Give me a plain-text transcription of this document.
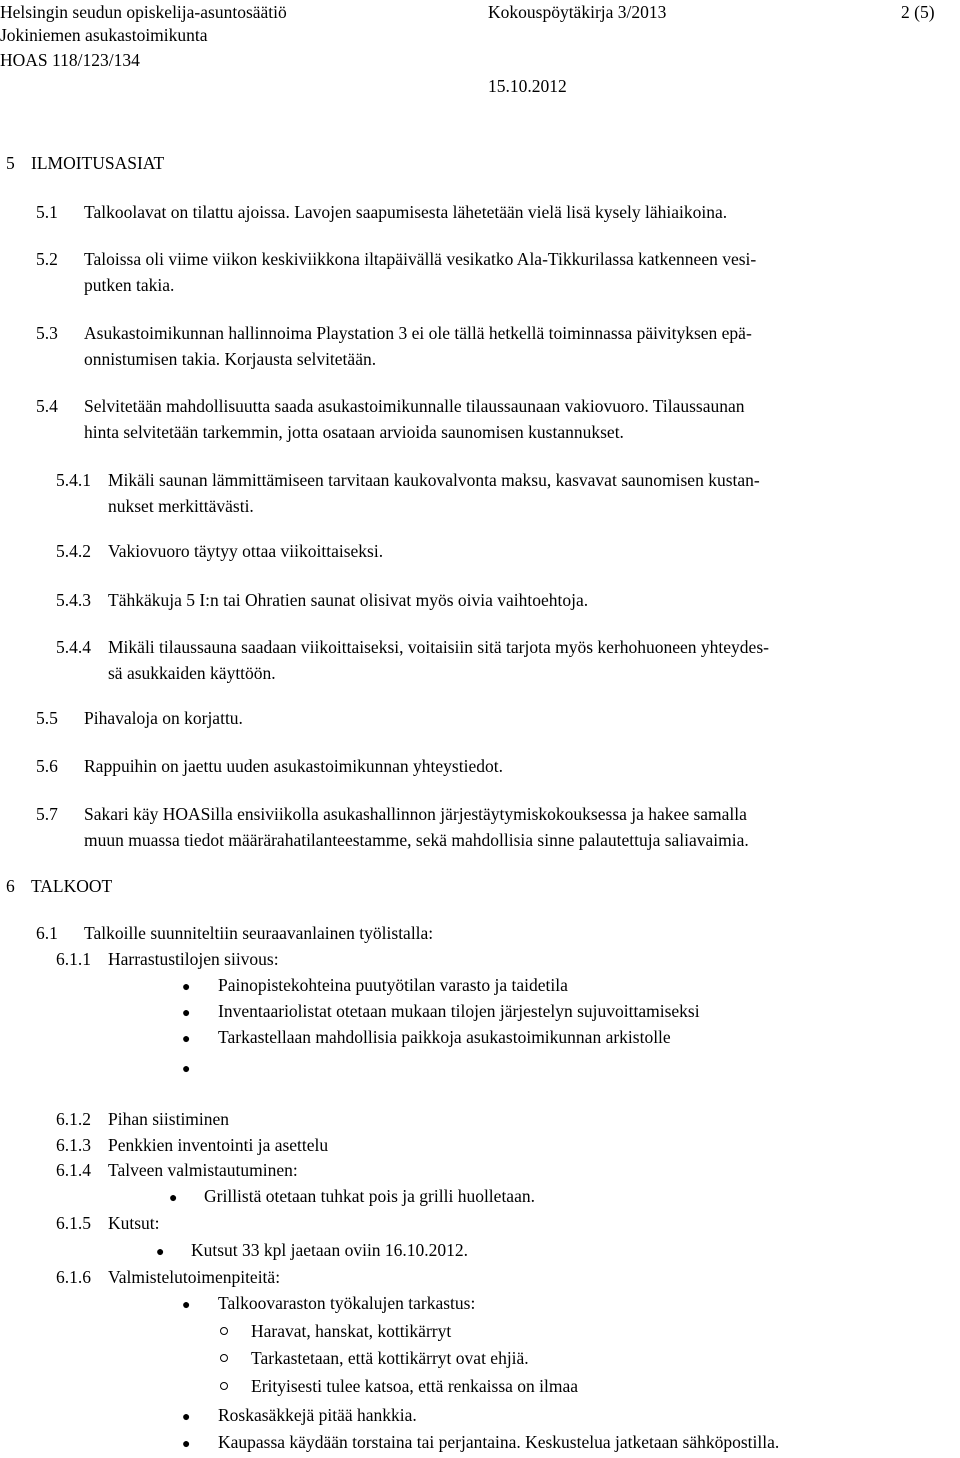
Helsingin seudun opiskelija-asuntosäätiö	Kokouspöytäkirja 3/2013	2 (5)
Jokiniemen asukastoimikunta
HOAS 118/123/134
15.10.2012
5 ILMOITUSASIAT
5.1 Talkoolavat on tilattu ajoissa. Lavojen saapumisesta lähetetään vielä lisä kysely lähiaikoina.
5.2 Taloissa oli viime viikon keskiviikkona iltapäivällä vesikatko Ala-Tikkurilassa katkenneen vesi-
putken takia.
5.3 Asukastoimikunnan hallinnoima Playstation 3 ei ole tällä hetkellä toiminnassa päivityksen epä-
onnistumisen takia. Korjausta selvitetään.
5.4 Selvitetään mahdollisuutta saada asukastoimikunnalle tilaussaunaan vakiovuoro. Tilaussaunan
hinta selvitetään tarkemmin, jotta osataan arvioida saunomisen kustannukset.
5.4.1 Mikäli saunan lämmittämiseen tarvitaan kaukovalvonta maksu, kasvavat saunomisen kustan-
nukset merkittävästi.
5.4.2 Vakiovuoro täytyy ottaa viikoittaiseksi.
5.4.3 Tähkäkuja 5 I:n tai Ohratien saunat olisivat myös oivia vaihtoehtoja.
5.4.4 Mikäli tilaussauna saadaan viikoittaiseksi, voitaisiin sitä tarjota myös kerhohuoneen yhteydes-
sä asukkaiden käyttöön.
5.5 Pihavaloja on korjattu.
5.6 Rappuihin on jaettu uuden asukastoimikunnan yhteystiedot.
5.7 Sakari käy HOASilla ensiviikolla asukashallinnon järjestäytymiskokouksessa ja hakee samalla
muun muassa tiedot määrärahatilanteestamme, sekä mahdollisia sinne palautettuja saliavaimia.
6 TALKOOT
6.1 Talkoille suunniteltiin seuraavanlainen työlistalla:
6.1.1 Harrastustilojen siivous:
● Painopistekohteina puutyötilan varasto ja taidetila
● Inventaariolistat otetaan mukaan tilojen järjestelyn sujuvoittamiseksi
● Tarkastellaan mahdollisia paikkoja asukastoimikunnan arkistolle
●
6.1.2 Pihan siistiminen
6.1.3 Penkkien inventointi ja asettelu
6.1.4 Talveen valmistautuminen:
● Grillistä otetaan tuhkat pois ja grilli huolletaan.
6.1.5 Kutsut:
● Kutsut 33 kpl jaetaan oviin 16.10.2012.
6.1.6 Valmistelutoimenpiteitä:
● Talkoovaraston työkalujen tarkastus:
Haravat, hanskat, kottikärryt
Tarkastetaan, että kottikärryt ovat ehjiä.
Erityisesti tulee katsoa, että renkaissa on ilmaa
● Roskasäkkejä pitää hankkia.
● Kaupassa käydään torstaina tai perjantaina. Keskustelua jatketaan sähköpostilla.
